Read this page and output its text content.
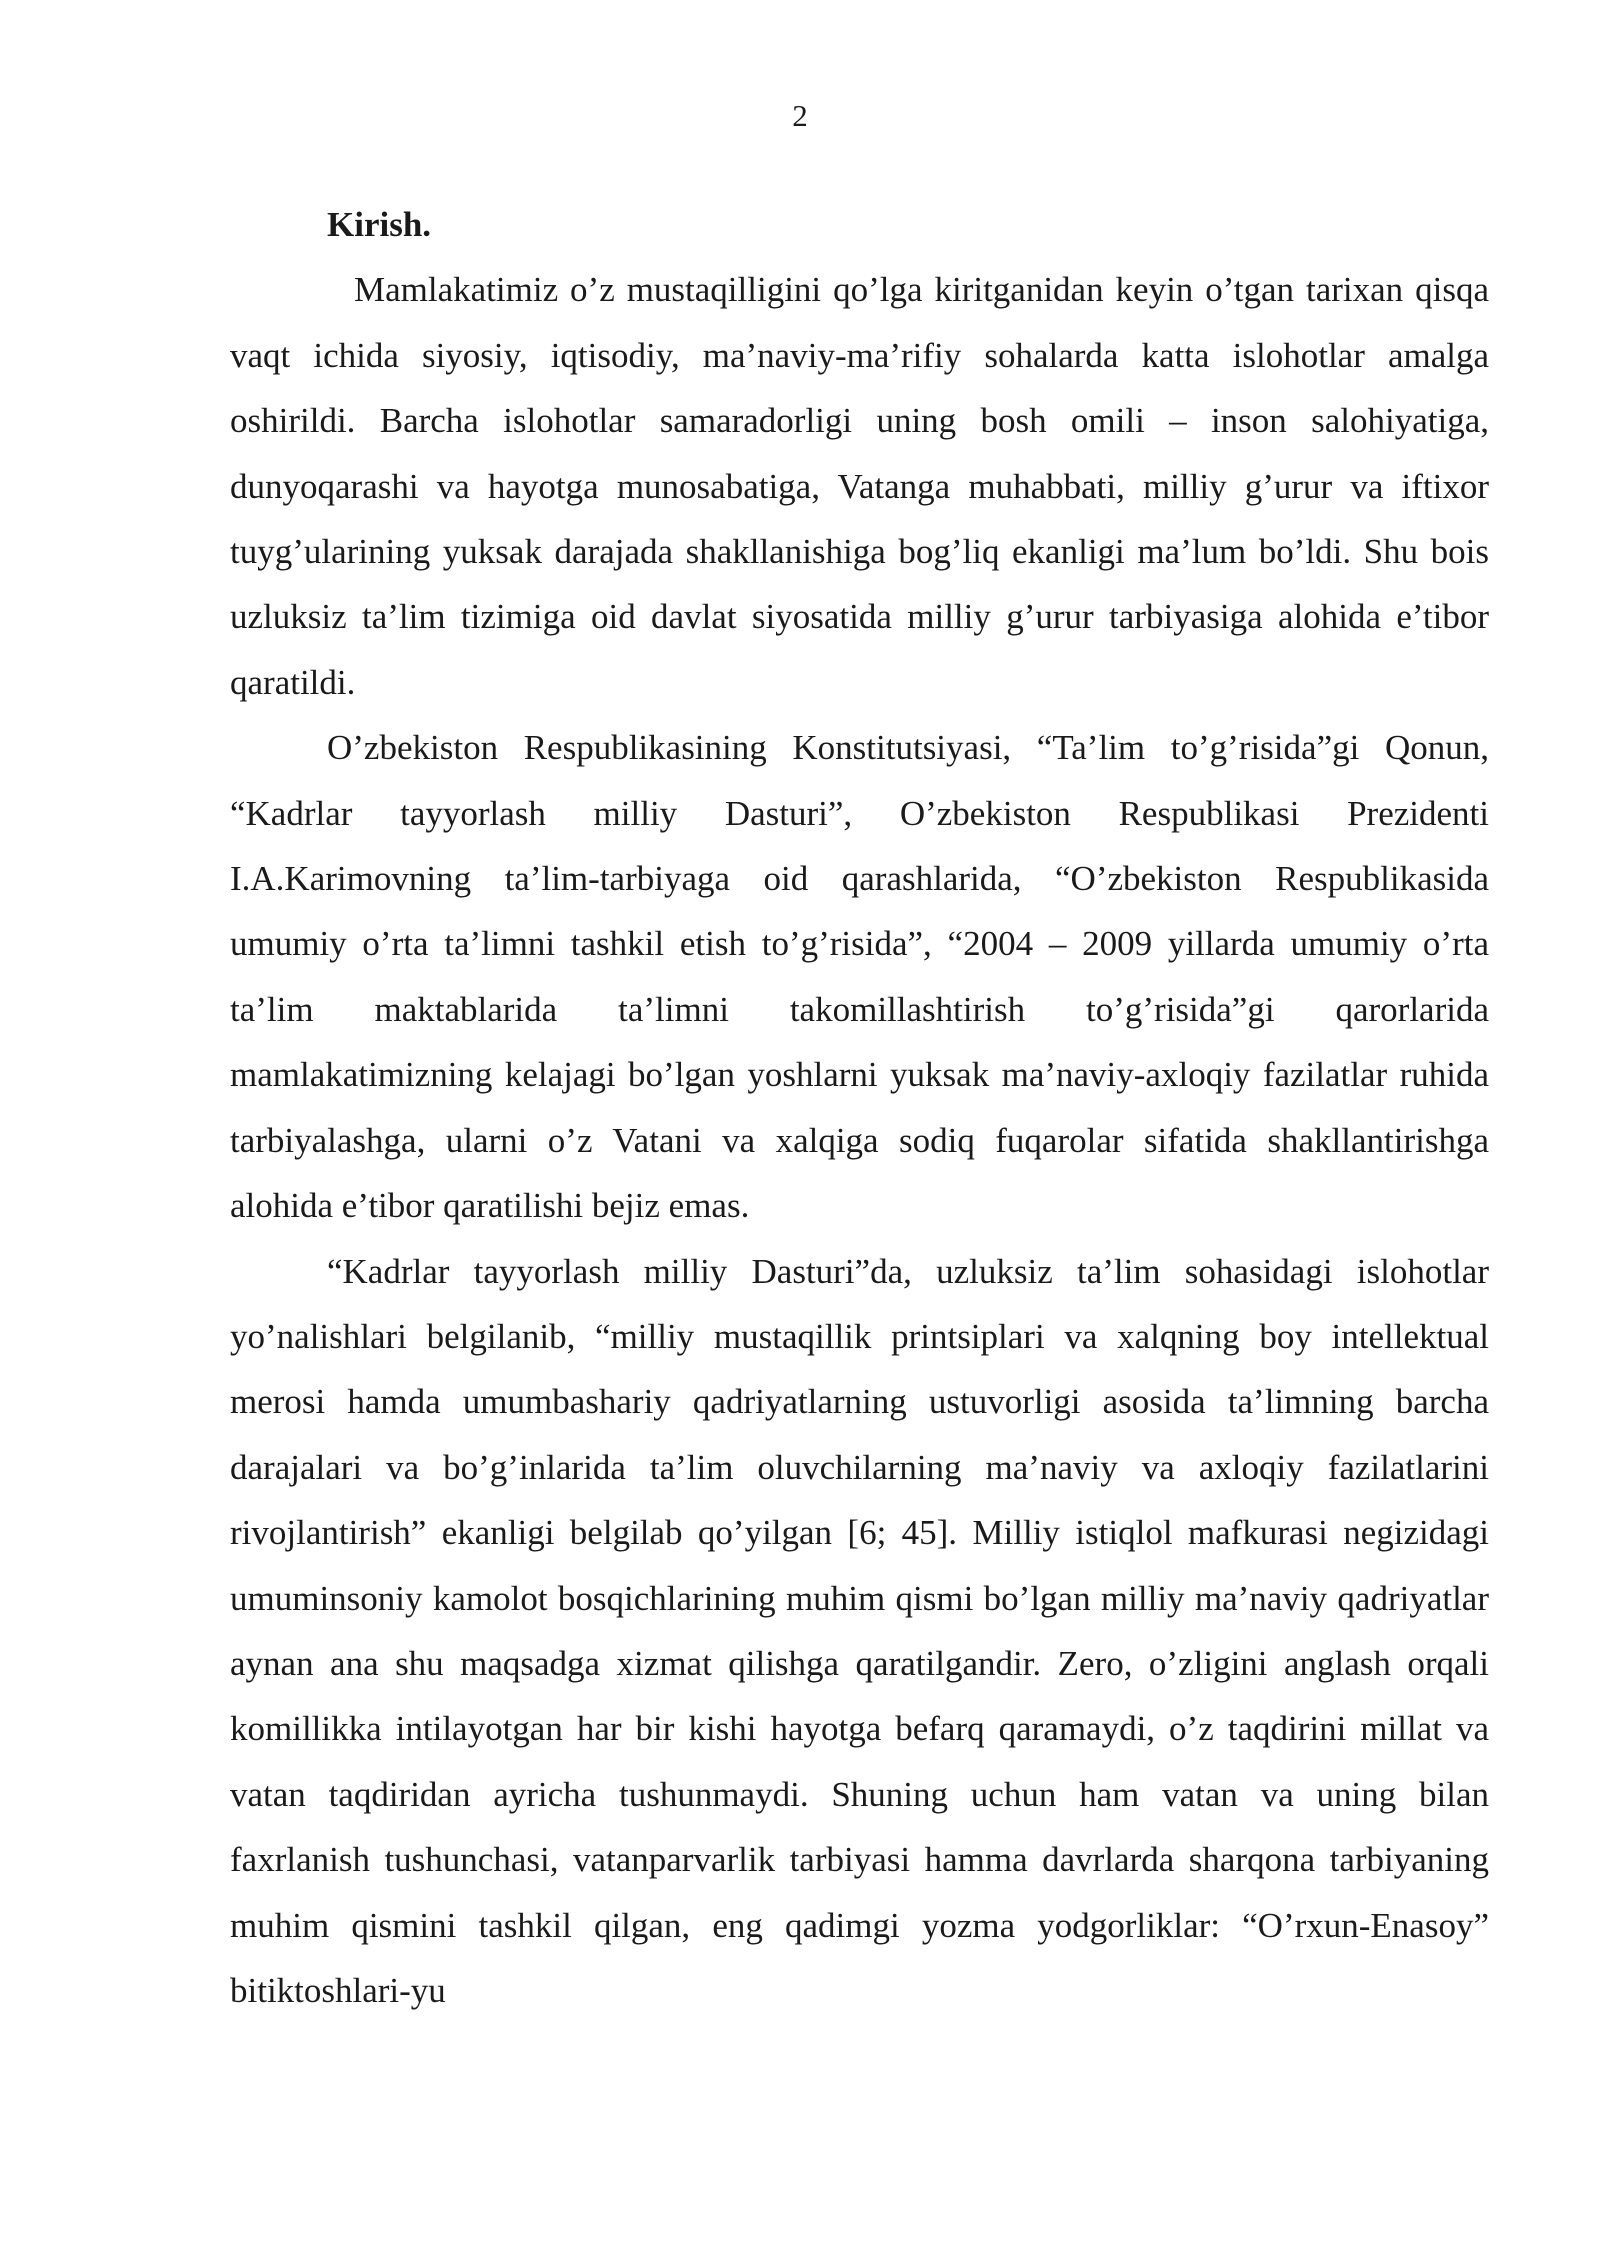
2

Kirish.

Mamlakatimiz o’z mustaqilligini qo’lga kiritganidan keyin o’tgan tarixan qisqa vaqt ichida siyosiy, iqtisodiy, ma’naviy-ma’rifiy sohalarda katta islohotlar amalga oshirildi. Barcha islohotlar samaradorligi uning bosh omili – inson salohiyatiga, dunyoqarashi va hayotga munosabatiga, Vatanga muhabbati, milliy g’urur va iftixor tuyg’ularining yuksak darajada shakllanishiga bog’liq ekanligi ma’lum bo’ldi. Shu bois uzluksiz ta’lim tizimiga oid davlat siyosatida milliy g’urur tarbiyasiga alohida e’tibor qaratildi.

O’zbekiston Respublikasining Konstitutsiyasi, “Ta’lim to’g’risida”gi Qonun, “Kadrlar tayyorlash milliy Dasturi”, O’zbekiston Respublikasi Prezidenti I.A.Karimovning ta’lim-tarbiyaga oid qarashlarida, “O’zbekiston Respublikasida umumiy o’rta ta’limni tashkil etish to’g’risida”, “2004 – 2009 yillarda umumiy o’rta ta’lim maktablarida ta’limni takomillashtirish to’g’risida”gi qarorlarida mamlakatimizning kelajagi bo’lgan yoshlarni yuksak ma’naviy-axloqiy fazilatlar ruhida tarbiyalashga, ularni o’z Vatani va xalqiga sodiq fuqarolar sifatida shakllantirishga alohida e’tibor qaratilishi bejiz emas.

“Kadrlar tayyorlash milliy Dasturi”da, uzluksiz ta’lim sohasidagi islohotlar yo’nalishlari belgilanib, “milliy mustaqillik printsiplari va xalqning boy intellektual merosi hamda umumbashariy qadriyatlarning ustuvorligi asosida ta’limning barcha darajalari va bo’g’inlarida ta’lim oluvchilarning ma’naviy va axloqiy fazilatlarini rivojlantirish” ekanligi belgilab qo’yilgan [6; 45]. Milliy istiqlol mafkurasi negizidagi umuminsoniy kamolot bosqichlarining muhim qismi bo’lgan milliy ma’naviy qadriyatlar aynan ana shu maqsadga xizmat qilishga qaratilgandir. Zero, o’zligini anglash orqali komillikka intilayotgan har bir kishi hayotga befarq qaramaydi, o’z taqdirini millat va vatan taqdiridan ayricha tushunmaydi. Shuning uchun ham vatan va uning bilan faxrlanish tushunchasi, vatanparvarlik tarbiyasi hamma davrlarda sharqona tarbiyaning muhim qismini tashkil qilgan, eng qadimgi yozma yodgorliklar: “O’rxun-Enasoy” bitiktoshlari-yu
